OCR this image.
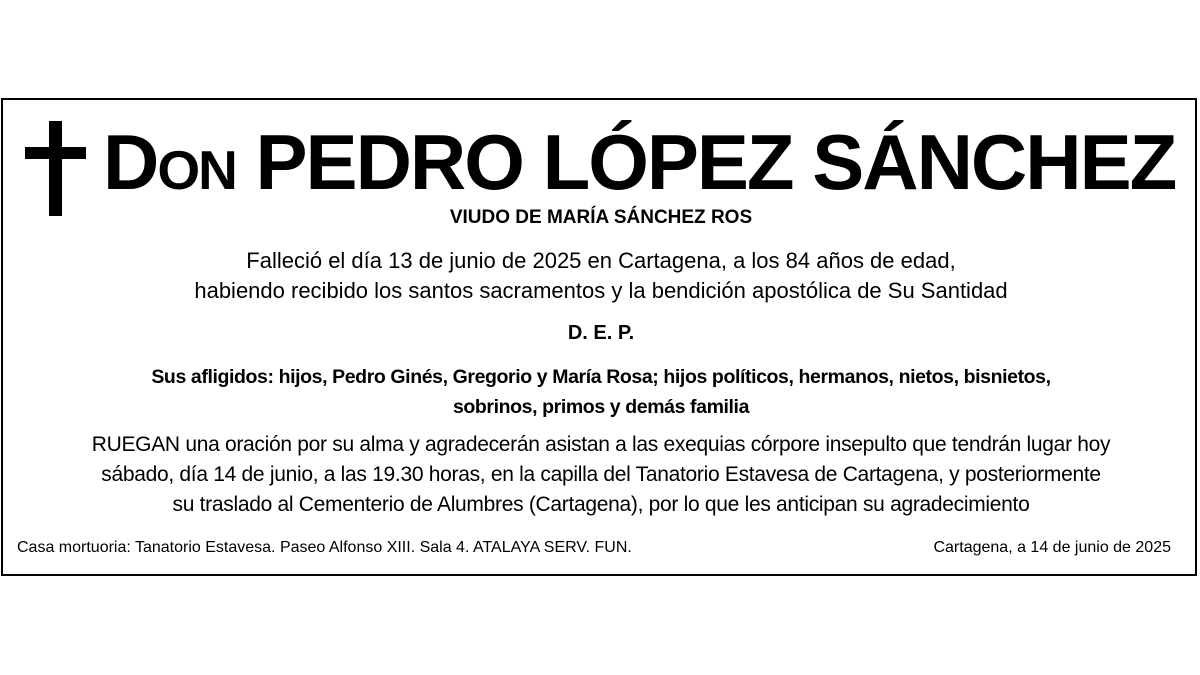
Don PEDRO LÓPEZ SÁNCHEZ
VIUDO DE MARÍA SÁNCHEZ ROS
Falleció el día 13 de junio de 2025 en Cartagena, a los 84 años de edad,
habiendo recibido los santos sacramentos y la bendición apostólica de Su Santidad
D. E. P.
Sus afligidos: hijos, Pedro Ginés, Gregorio y María Rosa; hijos políticos, hermanos, nietos, bisnietos,
sobrinos, primos y demás familia
RUEGAN una oración por su alma y agradecerán asistan a las exequias córpore insepulto que tendrán lugar hoy
sábado, día 14 de junio, a las 19.30 horas, en la capilla del Tanatorio Estavesa de Cartagena, y posteriormente
su traslado al Cementerio de Alumbres (Cartagena), por lo que les anticipan su agradecimiento
Casa mortuoria: Tanatorio Estavesa. Paseo Alfonso XIII. Sala 4. ATALAYA SERV. FUN.	Cartagena, a 14 de junio de 2025
